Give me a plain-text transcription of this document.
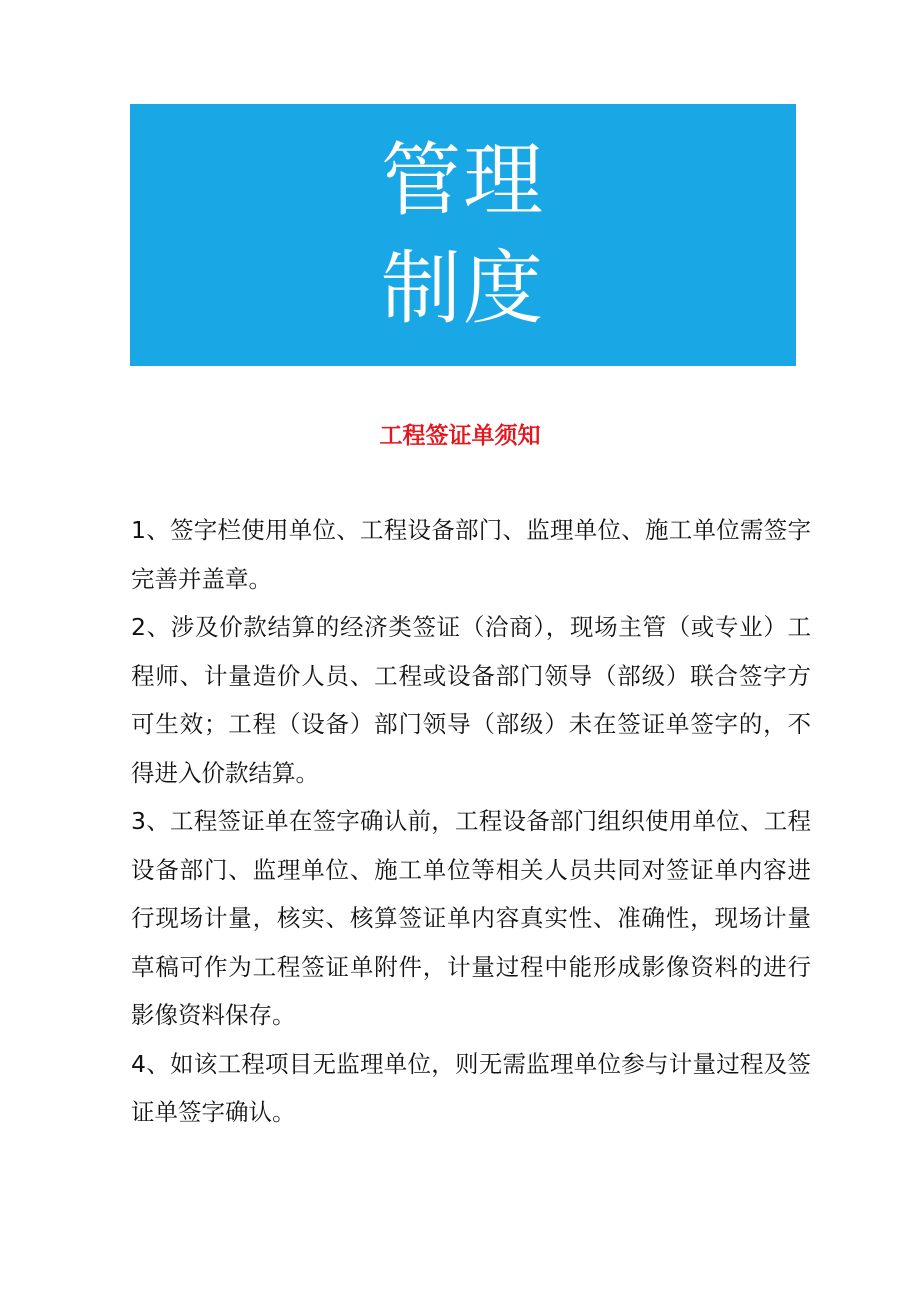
管理
制度
工程签证单须知

1、签字栏使用单位、工程设备部门、监理单位、施工单位需签字完善并盖章。

2、涉及价款结算的经济类签证（洽商），现场主管（或专业）工程师、计量造价人员、工程或设备部门领导（部级）联合签字方可生效；工程（设备）部门领导（部级）未在签证单签字的，不得进入价款结算。

3、工程签证单在签字确认前，工程设备部门组织使用单位、工程设备部门、监理单位、施工单位等相关人员共同对签证单内容进行现场计量，核实、核算签证单内容真实性、准确性，现场计量草稿可作为工程签证单附件，计量过程中能形成影像资料的进行影像资料保存。

4、如该工程项目无监理单位，则无需监理单位参与计量过程及签证单签字确认。
